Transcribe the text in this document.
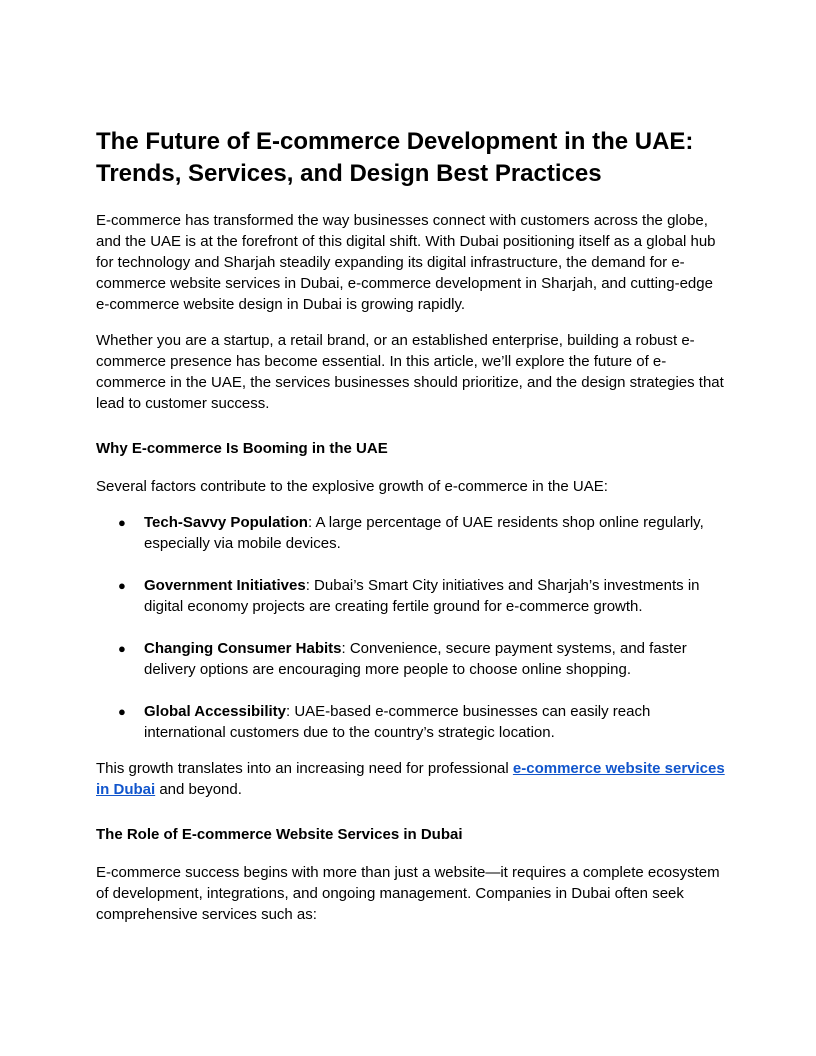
The Future of E-commerce Development in the UAE: Trends, Services, and Design Best Practices

E-commerce has transformed the way businesses connect with customers across the globe, and the UAE is at the forefront of this digital shift. With Dubai positioning itself as a global hub for technology and Sharjah steadily expanding its digital infrastructure, the demand for e-commerce website services in Dubai, e-commerce development in Sharjah, and cutting-edge e-commerce website design in Dubai is growing rapidly.

Whether you are a startup, a retail brand, or an established enterprise, building a robust e-commerce presence has become essential. In this article, we’ll explore the future of e-commerce in the UAE, the services businesses should prioritize, and the design strategies that lead to customer success.

Why E-commerce Is Booming in the UAE

Several factors contribute to the explosive growth of e-commerce in the UAE:

● Tech-Savvy Population: A large percentage of UAE residents shop online regularly, especially via mobile devices.
● Government Initiatives: Dubai’s Smart City initiatives and Sharjah’s investments in digital economy projects are creating fertile ground for e-commerce growth.
● Changing Consumer Habits: Convenience, secure payment systems, and faster delivery options are encouraging more people to choose online shopping.
● Global Accessibility: UAE-based e-commerce businesses can easily reach international customers due to the country’s strategic location.

This growth translates into an increasing need for professional e-commerce website services in Dubai and beyond.

The Role of E-commerce Website Services in Dubai

E-commerce success begins with more than just a website—it requires a complete ecosystem of development, integrations, and ongoing management. Companies in Dubai often seek comprehensive services such as:
